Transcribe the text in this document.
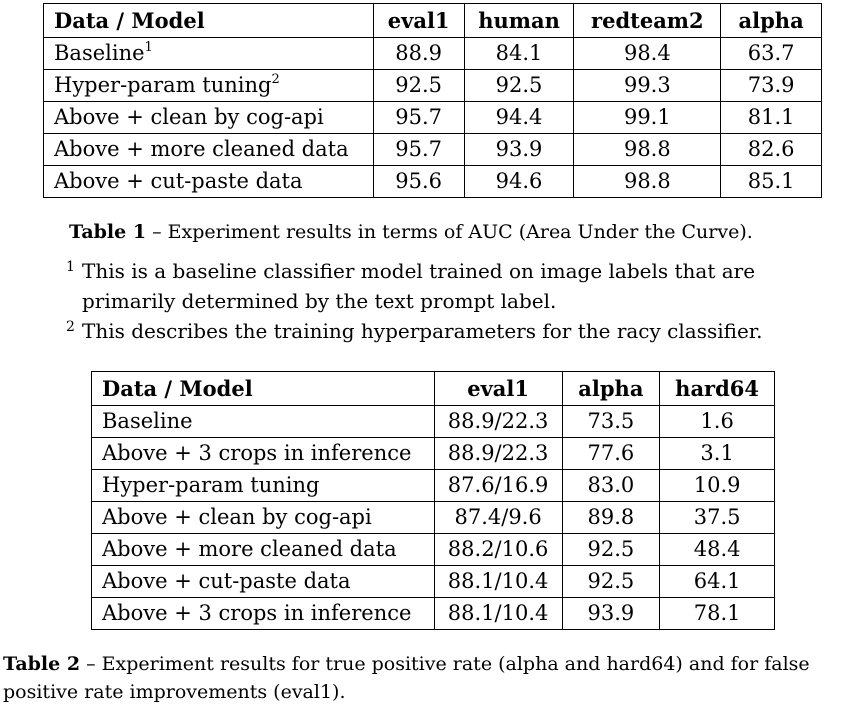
Data / Model	eval1	human	redteam2	alpha
Baseline$^1$	88.9	84.1	98.4	63.7
Hyper-param tuning$^2$	92.5	92.5	99.3	73.9
Above + clean by cog-api	95.7	94.4	99.1	81.1
Above + more cleaned data	95.7	93.9	98.8	82.6
Above + cut-paste data	95.6	94.6	98.8	85.1

Table 1 – Experiment results in terms of AUC (Area Under the Curve).

1 This is a baseline classifier model trained on image labels that are primarily determined by the text prompt label.
2 This describes the training hyperparameters for the racy classifier.
Data / Model	eval1	alpha	hard64
Baseline	88.9/22.3	73.5	1.6
Above + 3 crops in inference	88.9/22.3	77.6	3.1
Hyper-param tuning	87.6/16.9	83.0	10.9
Above + clean by cog-api	87.4/9.6	89.8	37.5
Above + more cleaned data	88.2/10.6	92.5	48.4
Above + cut-paste data	88.1/10.4	92.5	64.1
Above + 3 crops in inference	88.1/10.4	93.9	78.1

Table 2 – Experiment results for true positive rate (alpha and hard64) and for false positive rate improvements (eval1).
